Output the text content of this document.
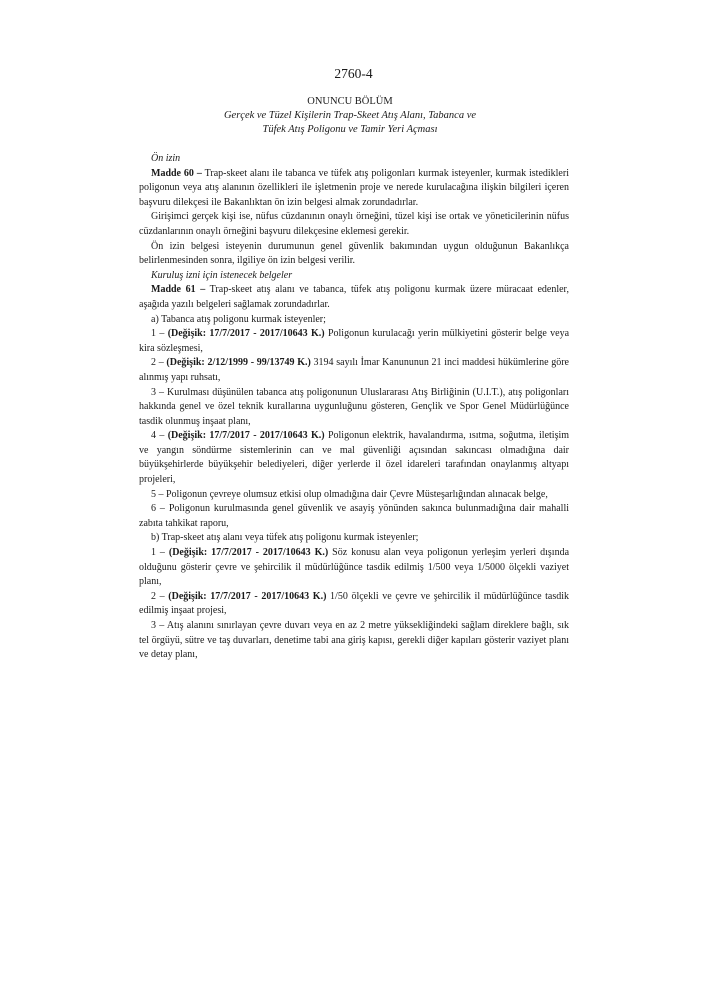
2760-4
ONUNCU BÖLÜM
Gerçek ve Tüzel Kişilerin Trap-Skeet Atış Alanı, Tabanca ve
Tüfek Atış Poligonu ve Tamir Yeri Açması

Ön izin

Madde 60 – Trap-skeet alanı ile tabanca ve tüfek atış poligonları kurmak isteyenler, kurmak istedikleri poligonun veya atış alanının özellikleri ile işletmenin proje ve nerede kurulacağına ilişkin bilgileri içeren başvuru dilekçesi ile Bakanlıktan ön izin belgesi almak zorundadırlar.

Girişimci gerçek kişi ise, nüfus cüzdanının onaylı örneğini, tüzel kişi ise ortak ve yöneticilerinin nüfus cüzdanlarının onaylı örneğini başvuru dilekçesine eklemesi gerekir.

Ön izin belgesi isteyenin durumunun genel güvenlik bakımından uygun olduğunun Bakanlıkça belirlenmesinden sonra, ilgiliye ön izin belgesi verilir.

Kuruluş izni için istenecek belgeler

Madde 61 – Trap-skeet atış alanı ve tabanca, tüfek atış poligonu kurmak üzere müracaat edenler, aşağıda yazılı belgeleri sağlamak zorundadırlar.

a) Tabanca atış poligonu kurmak isteyenler;

1 – (Değişik: 17/7/2017 - 2017/10643 K.) Poligonun kurulacağı yerin mülkiyetini gösterir belge veya kira sözleşmesi,

2 – (Değişik: 2/12/1999 - 99/13749 K.) 3194 sayılı İmar Kanununun 21 inci maddesi hükümlerine göre alınmış yapı ruhsatı,

3 – Kurulması düşünülen tabanca atış poligonunun Uluslararası Atış Birliğinin (U.I.T.), atış poligonları hakkında genel ve özel teknik kurallarına uygunluğunu gösteren, Gençlik ve Spor Genel Müdürlüğünce tasdik olunmuş inşaat planı,

4 – (Değişik: 17/7/2017 - 2017/10643 K.) Poligonun elektrik, havalandırma, ısıtma, soğutma, iletişim ve yangın söndürme sistemlerinin can ve mal güvenliği açısından sakıncası olmadığına dair büyükşehirlerde büyükşehir belediyeleri, diğer yerlerde il özel idareleri tarafından onaylanmış altyapı projeleri,

5 – Poligonun çevreye olumsuz etkisi olup olmadığına dair Çevre Müsteşarlığından alınacak belge,

6 – Poligonun kurulmasında genel güvenlik ve asayiş yönünden sakınca bulunmadığına dair mahalli zabıta tahkikat raporu,

b) Trap-skeet atış alanı veya tüfek atış poligonu kurmak isteyenler;

1 – (Değişik: 17/7/2017 - 2017/10643 K.) Söz konusu alan veya poligonun yerleşim yerleri dışında olduğunu gösterir çevre ve şehircilik il müdürlüğünce tasdik edilmiş 1/500 veya 1/5000 ölçekli vaziyet planı,

2 – (Değişik: 17/7/2017 - 2017/10643 K.) 1/50 ölçekli ve çevre ve şehircilik il müdürlüğünce tasdik edilmiş inşaat projesi,

3 – Atış alanını sınırlayan çevre duvarı veya en az 2 metre yüksekliğindeki sağlam direklere bağlı, sık tel örgüyü, sütre ve taş duvarları, denetime tabi ana giriş kapısı, gerekli diğer kapıları gösterir vaziyet planı ve detay planı,
